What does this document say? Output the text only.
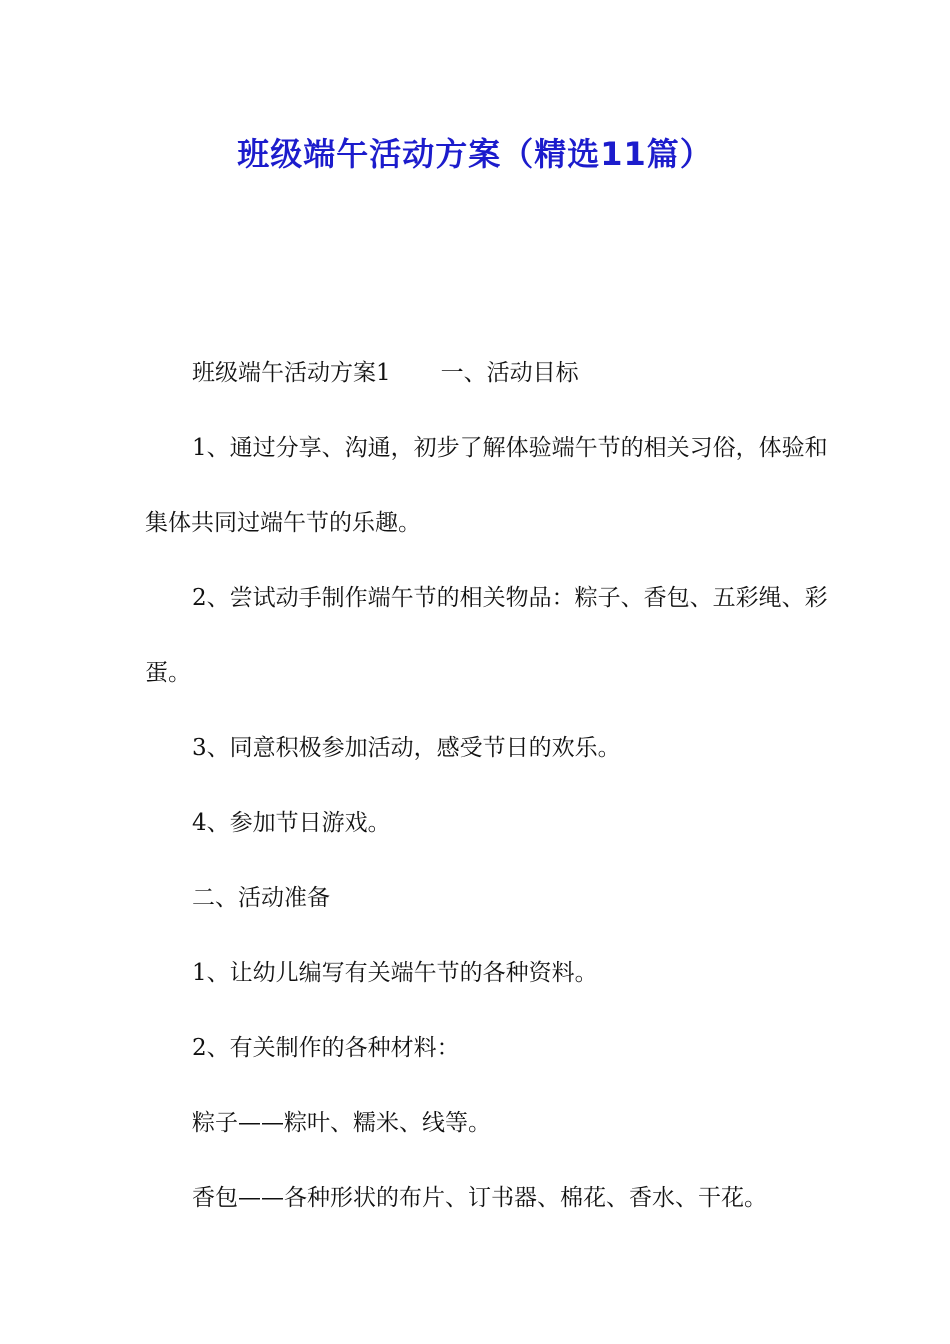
班级端午活动方案（精选11篇）

班级端午活动方案1 一、活动目标

1、通过分享、沟通，初步了解体验端午节的相关习俗，体验和集体共同过端午节的乐趣。

2、尝试动手制作端午节的相关物品：粽子、香包、五彩绳、彩蛋。

3、同意积极参加活动，感受节日的欢乐。

4、参加节日游戏。

二、活动准备

1、让幼儿编写有关端午节的各种资料。

2、有关制作的各种材料：

粽子——粽叶、糯米、线等。

香包——各种形状的布片、订书器、棉花、香水、干花。
